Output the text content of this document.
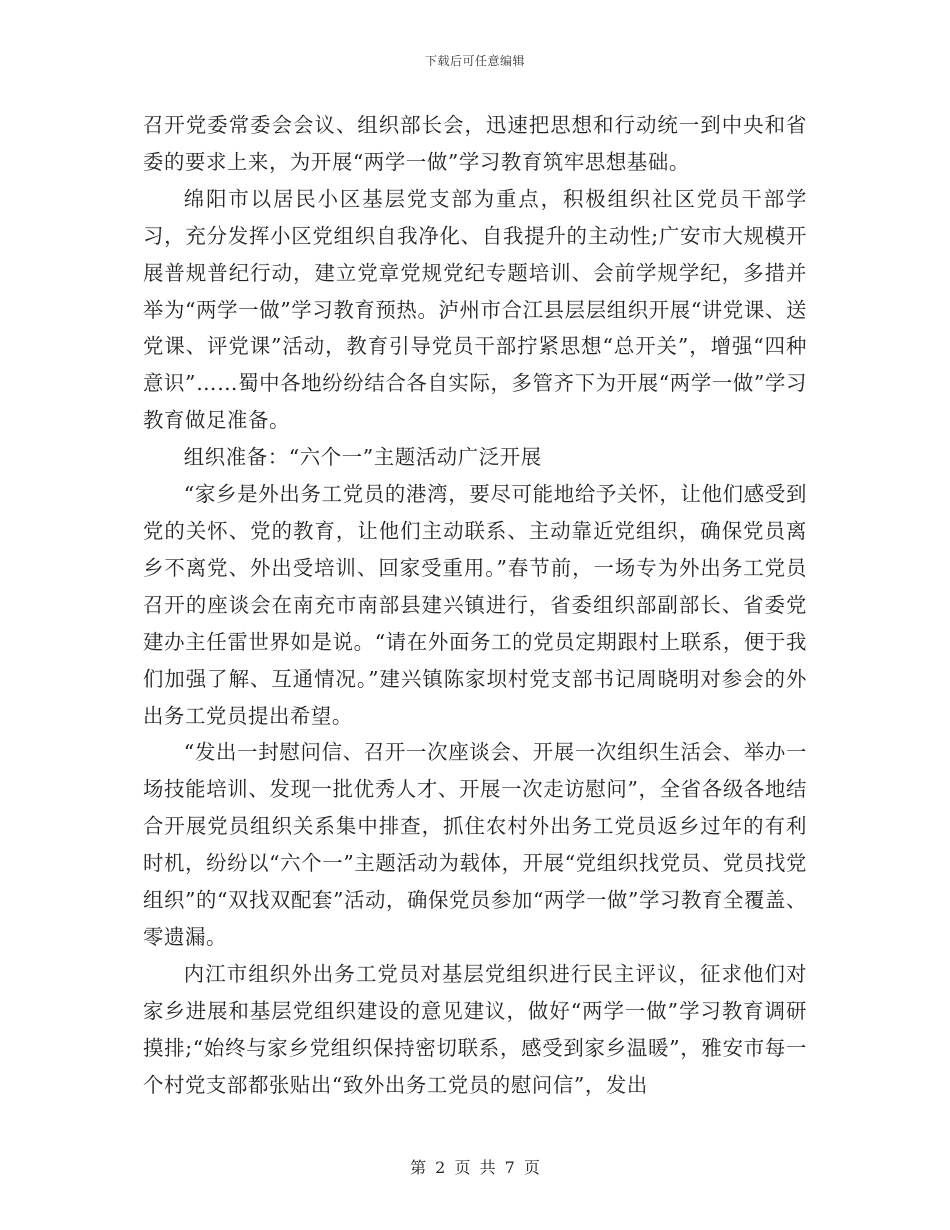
下载后可任意编辑

召开党委常委会会议、组织部长会，迅速把思想和行动统一到中央和省委的要求上来，为开展“两学一做”学习教育筑牢思想基础。

绵阳市以居民小区基层党支部为重点，积极组织社区党员干部学习，充分发挥小区党组织自我净化、自我提升的主动性;广安市大规模开展普规普纪行动，建立党章党规党纪专题培训、会前学规学纪，多措并举为“两学一做”学习教育预热。泸州市合江县层层组织开展“讲党课、送党课、评党课”活动，教育引导党员干部拧紧思想“总开关”，增强“四种意识”……蜀中各地纷纷结合各自实际，多管齐下为开展“两学一做”学习教育做足准备。

组织准备：“六个一”主题活动广泛开展

“家乡是外出务工党员的港湾，要尽可能地给予关怀，让他们感受到党的关怀、党的教育，让他们主动联系、主动靠近党组织，确保党员离乡不离党、外出受培训、回家受重用。”春节前，一场专为外出务工党员召开的座谈会在南充市南部县建兴镇进行，省委组织部副部长、省委党建办主任雷世界如是说。“请在外面务工的党员定期跟村上联系，便于我们加强了解、互通情况。”建兴镇陈家坝村党支部书记周晓明对参会的外出务工党员提出希望。

“发出一封慰问信、召开一次座谈会、开展一次组织生活会、举办一场技能培训、发现一批优秀人才、开展一次走访慰问”，全省各级各地结合开展党员组织关系集中排查，抓住农村外出务工党员返乡过年的有利时机，纷纷以“六个一”主题活动为载体，开展“党组织找党员、党员找党组织”的“双找双配套”活动，确保党员参加“两学一做”学习教育全覆盖、零遗漏。

内江市组织外出务工党员对基层党组织进行民主评议，征求他们对家乡进展和基层党组织建设的意见建议，做好“两学一做”学习教育调研摸排;“始终与家乡党组织保持密切联系，感受到家乡温暖”，雅安市每一个村党支部都张贴出“致外出务工党员的慰问信”，发出

第 2 页 共 7 页
